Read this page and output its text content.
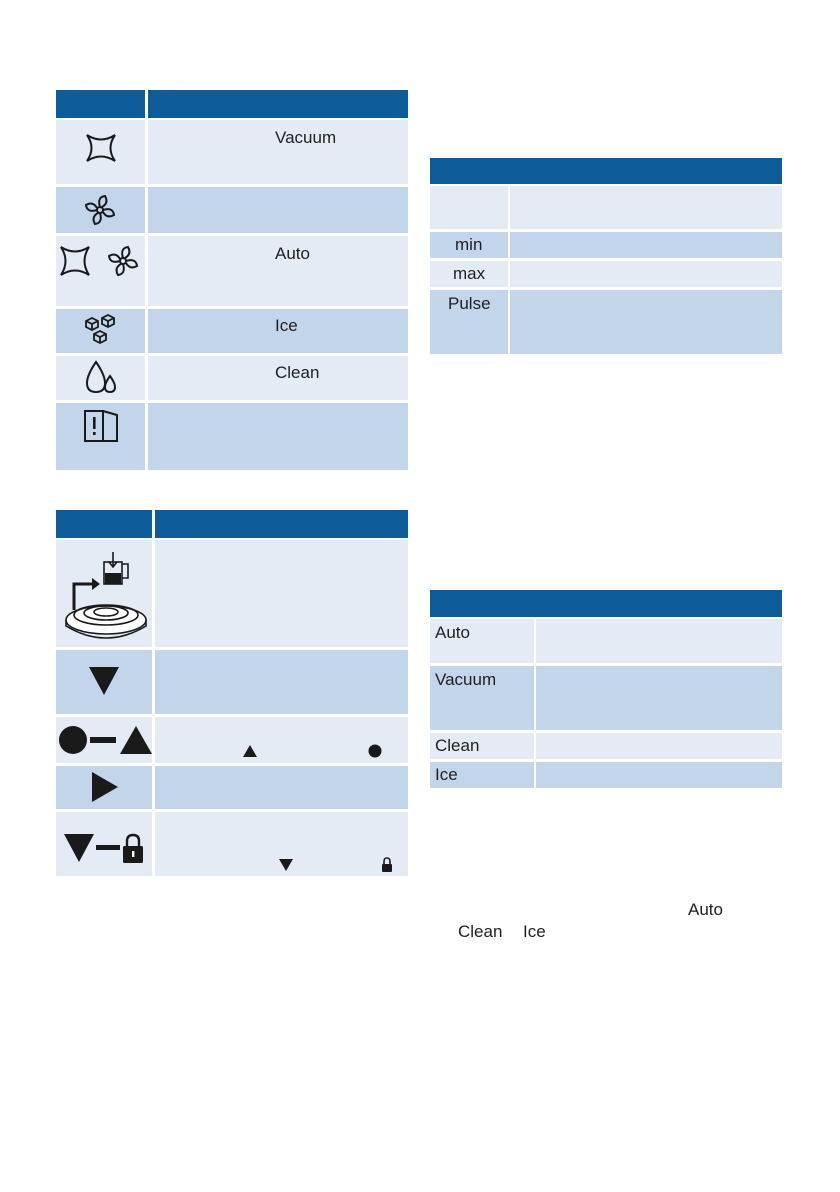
Vacuum
Auto
Ice
Clean
min
max
Pulse
Auto
Vacuum
Clean
Ice
Auto
Clean Ice
